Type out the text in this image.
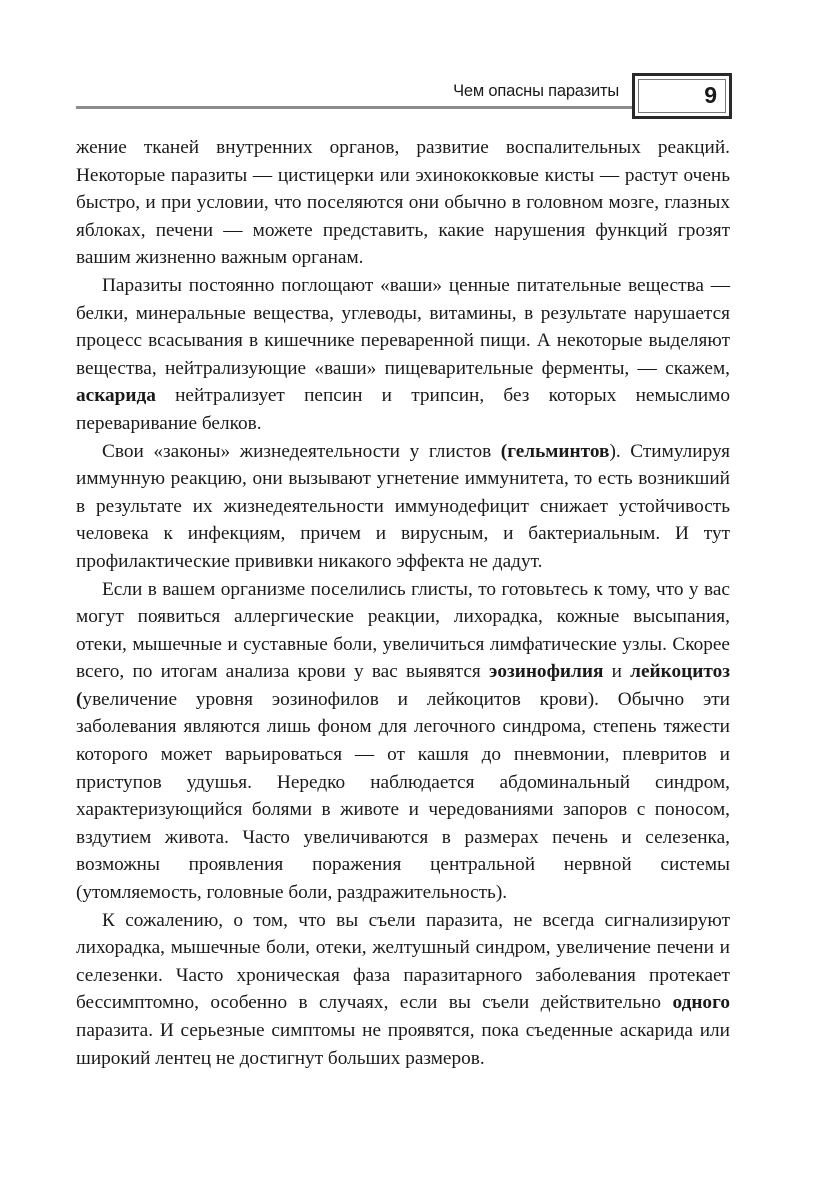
Чем опасны паразиты	9

жение тканей внутренних органов, развитие воспалительных реакций. Некоторые паразиты — цистицерки или эхинококковые кисты — растут очень быстро, и при условии, что поселяются они обычно в головном мозге, глазных яблоках, печени — можете представить, какие нарушения функций грозят вашим жизненно важным органам.

Паразиты постоянно поглощают «ваши» ценные питательные вещества — белки, минеральные вещества, углеводы, витамины, в результате нарушается процесс всасывания в кишечнике переваренной пищи. А некоторые выделяют вещества, нейтрализующие «ваши» пищеварительные ферменты, — скажем, аскарида нейтрализует пепсин и трипсин, без которых немыслимо переваривание белков.

Свои «законы» жизнедеятельности у глистов (гельминтов). Стимулируя иммунную реакцию, они вызывают угнетение иммунитета, то есть возникший в результате их жизнедеятельности иммунодефицит снижает устойчивость человека к инфекциям, причем и вирусным, и бактериальным. И тут профилактические прививки никакого эффекта не дадут.

Если в вашем организме поселились глисты, то готовьтесь к тому, что у вас могут появиться аллергические реакции, лихорадка, кожные высыпания, отеки, мышечные и суставные боли, увеличиться лимфатические узлы. Скорее всего, по итогам анализа крови у вас выявятся эозинофилия и лейкоцитоз (увеличение уровня эозинофилов и лейкоцитов крови). Обычно эти заболевания являются лишь фоном для легочного синдрома, степень тяжести которого может варьироваться — от кашля до пневмонии, плевритов и приступов удушья. Нередко наблюдается абдоминальный синдром, характеризующийся болями в животе и чередованиями запоров с поносом, вздутием живота. Часто увеличиваются в размерах печень и селезенка, возможны проявления поражения центральной нервной системы (утомляемость, головные боли, раздражительность).

К сожалению, о том, что вы съели паразита, не всегда сигнализируют лихорадка, мышечные боли, отеки, желтушный синдром, увеличение печени и селезенки. Часто хроническая фаза паразитарного заболевания протекает бессимптомно, особенно в случаях, если вы съели действительно одного паразита. И серьезные симптомы не проявятся, пока съеденные аскарида или широкий лентец не достигнут больших размеров.
